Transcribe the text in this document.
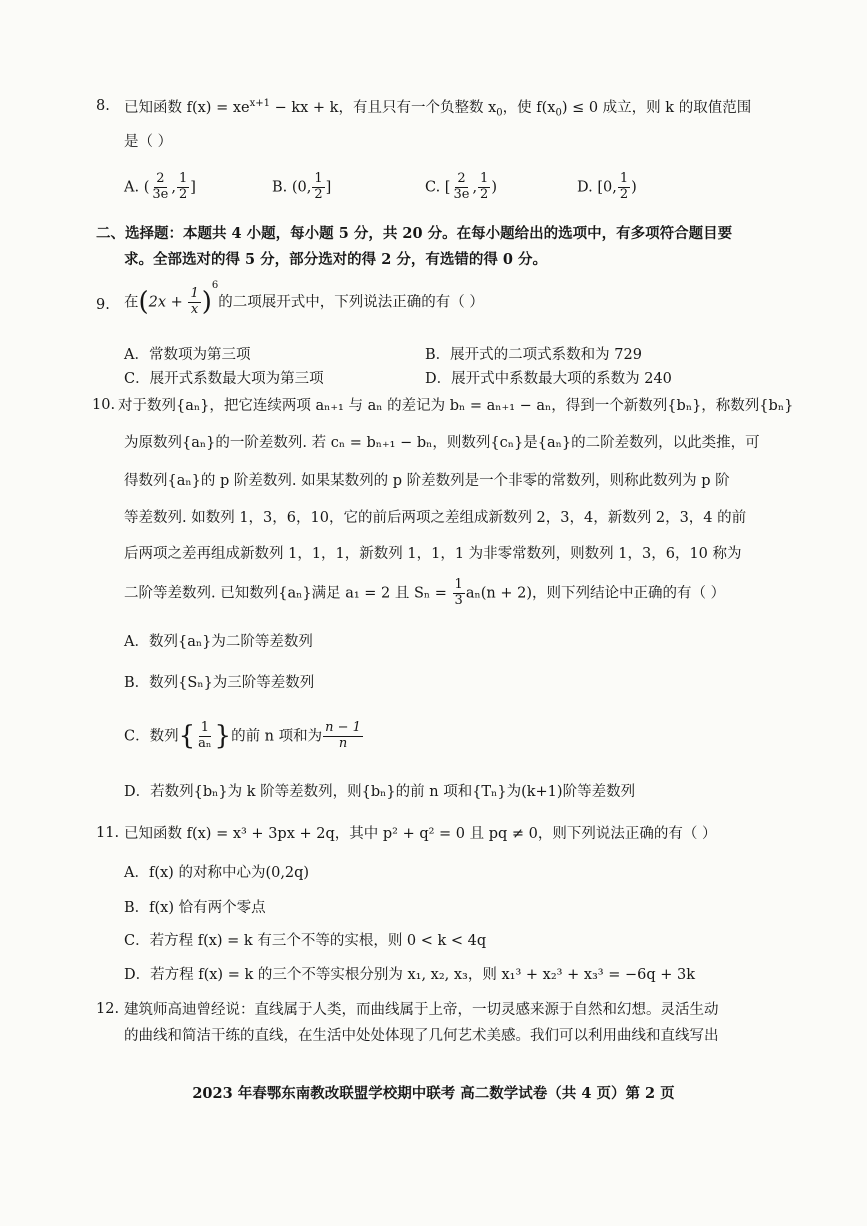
8. 已知函数 $f(x) = xe^{x+1}$ − kx + k，有且只有一个负整数 $x_0$，使 $f(x_0) \le 0$ 成立，则 k 的取值范围
是（ ）
A. ( $\frac{2}{3e}$ , $\frac{1}{2}$ ]	B. (0, $\frac{1}{2}$ ]	C. [ $\frac{2}{3e}$ , $\frac{1}{2}$ )	D. [0, $\frac{1}{2}$ )
二、选择题：本题共 4 小题，每小题 5 分，共 20 分。在每小题给出的选项中，有多项符合题目要
求。全部选对的得 5 分，部分选对的得 2 分，有选错的得 0 分。
9. 在$(2x + \frac{1}{x} )^6$的二项展开式中，下列说法正确的有（ ）
A．常数项为第三项	B．展开式的二项式系数和为 729
C．展开式系数最大项为第三项	D．展开式中系数最大项的系数为 240
10. 对于数列{aₙ}，把它连续两项 aₙ₊₁ 与 aₙ 的差记为 bₙ = aₙ₊₁ − aₙ，得到一个新数列{bₙ}，称数列{bₙ}
为原数列{aₙ}的一阶差数列. 若 cₙ = bₙ₊₁ − bₙ，则数列{cₙ}是{aₙ}的二阶差数列，以此类推，可
得数列{aₙ}的 p 阶差数列. 如果某数列的 p 阶差数列是一个非零的常数列，则称此数列为 p 阶
等差数列. 如数列 1，3，6，10，它的前后两项之差组成新数列 2，3，4，新数列 2，3，4 的前
后两项之差再组成新数列 1，1，1，新数列 1，1，1 为非零常数列，则数列 1，3，6，10 称为
二阶等差数列. 已知数列{aₙ}满足 a₁ = 2 且 $S_n = \frac{1}{3} a_n(n + 2)$，则下列结论中正确的有（ ）
A．数列{aₙ}为二阶等差数列
B．数列{Sₙ}为三阶等差数列
C．数列{ $\frac{1}{\text{aₙ}}$ }的前 n 项和为 $\frac{n - 1}{n}$
D．若数列{bₙ}为 k 阶等差数列，则{bₙ}的前 n 项和{Tₙ}为(k+1)阶等差数列
11. 已知函数 f(x) = x³ + 3px + 2q，其中 p² + q² = 0 且 pq ≠ 0，则下列说法正确的有（ ）
A．f(x) 的对称中心为(0,2q)
B．f(x) 恰有两个零点
C．若方程 f(x) = k 有三个不等的实根，则 0 < k < 4q
D．若方程 f(x) = k 的三个不等实根分别为 x₁, x₂, x₃，则 x₁³ + x₂³ + x₃³ = −6q + 3k
12. 建筑师高迪曾经说：直线属于人类，而曲线属于上帝，一切灵感来源于自然和幻想。灵活生动
的曲线和简洁干练的直线，在生活中处处体现了几何艺术美感。我们可以利用曲线和直线写出
2023 年春鄂东南教改联盟学校期中联考 高二数学试卷（共 4 页）第 2 页
